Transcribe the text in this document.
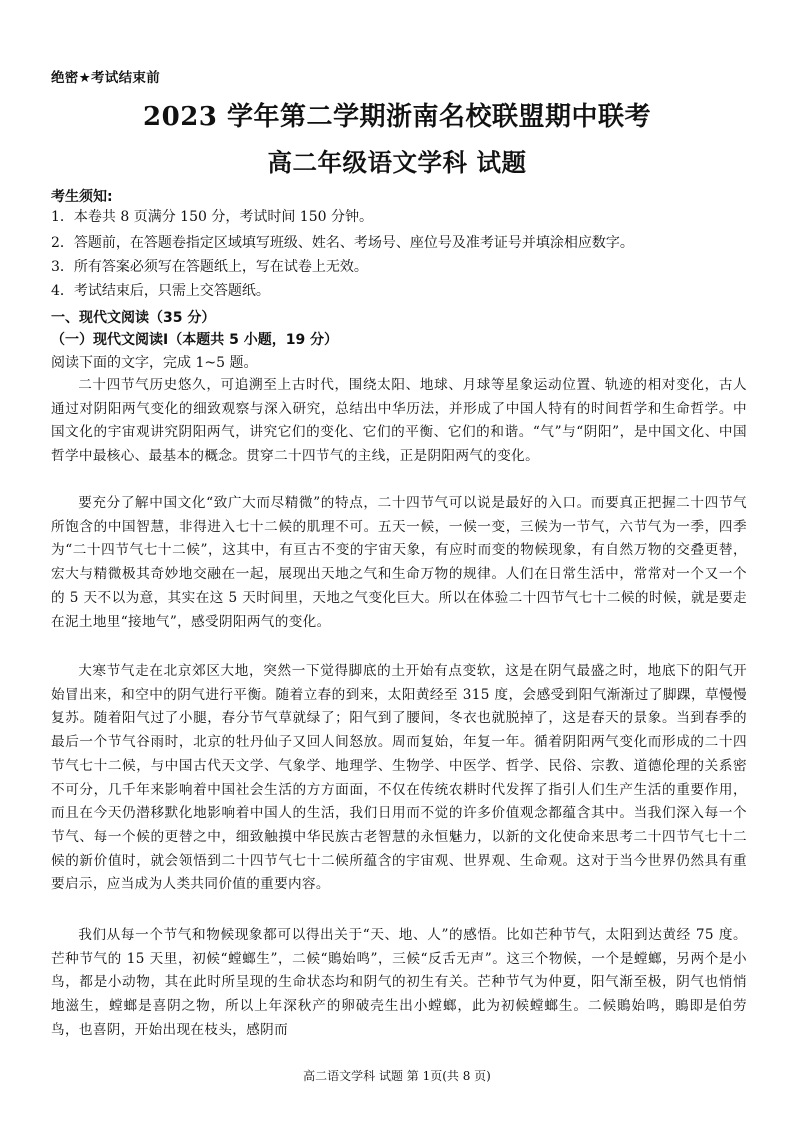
绝密★考试结束前
2023 学年第二学期浙南名校联盟期中联考
高二年级语文学科 试题
考生须知:
1．本卷共 8 页满分 150 分，考试时间 150 分钟。
2．答题前，在答题卷指定区域填写班级、姓名、考场号、座位号及准考证号并填涂相应数字。
3．所有答案必须写在答题纸上，写在试卷上无效。
4．考试结束后，只需上交答题纸。
一、现代文阅读（35 分）
（一）现代文阅读Ⅰ（本题共 5 小题，19 分）
阅读下面的文字，完成 1~5 题。

二十四节气历史悠久，可追溯至上古时代，围绕太阳、地球、月球等星象运动位置、轨迹的相对变化，古人通过对阴阳两气变化的细致观察与深入研究，总结出中华历法，并形成了中国人特有的时间哲学和生命哲学。中国文化的宇宙观讲究阴阳两气，讲究它们的变化、它们的平衡、它们的和谐。“气”与“阴阳”，是中国文化、中国哲学中最核心、最基本的概念。贯穿二十四节气的主线，正是阴阳两气的变化。

要充分了解中国文化“致广大而尽精微”的特点，二十四节气可以说是最好的入口。而要真正把握二十四节气所饱含的中国智慧，非得进入七十二候的肌理不可。五天一候，一候一变，三候为一节气，六节气为一季，四季为“二十四节气七十二候”，这其中，有亘古不变的宇宙天象，有应时而变的物候现象，有自然万物的交叠更替，宏大与精微极其奇妙地交融在一起，展现出天地之气和生命万物的规律。人们在日常生活中，常常对一个又一个的 5 天不以为意，其实在这 5 天时间里，天地之气变化巨大。所以在体验二十四节气七十二候的时候，就是要走在泥土地里“接地气”，感受阴阳两气的变化。

大寒节气走在北京郊区大地，突然一下觉得脚底的土开始有点变软，这是在阴气最盛之时，地底下的阳气开始冒出来，和空中的阴气进行平衡。随着立春的到来，太阳黄经至 315 度，会感受到阳气渐渐过了脚踝，草慢慢复苏。随着阳气过了小腿，春分节气草就绿了；阳气到了腰间，冬衣也就脱掉了，这是春天的景象。当到春季的最后一个节气谷雨时，北京的牡丹仙子又回人间怒放。周而复始，年复一年。循着阴阳两气变化而形成的二十四节气七十二候，与中国古代天文学、气象学、地理学、生物学、中医学、哲学、民俗、宗教、道德伦理的关系密不可分，几千年来影响着中国社会生活的方方面面，不仅在传统农耕时代发挥了指引人们生产生活的重要作用，而且在今天仍潜移默化地影响着中国人的生活，我们日用而不觉的许多价值观念都蕴含其中。当我们深入每一个节气、每一个候的更替之中，细致触摸中华民族古老智慧的永恒魅力，以新的文化使命来思考二十四节气七十二候的新价值时，就会领悟到二十四节气七十二候所蕴含的宇宙观、世界观、生命观。这对于当今世界仍然具有重要启示，应当成为人类共同价值的重要内容。

我们从每一个节气和物候现象都可以得出关于“天、地、人”的感悟。比如芒种节气，太阳到达黄经 75 度。芒种节气的 15 天里，初候“螳螂生”，二候“鵙始鸣”，三候“反舌无声”。这三个物候，一个是螳螂，另两个是小鸟，都是小动物，其在此时所呈现的生命状态均和阴气的初生有关。芒种节气为仲夏，阳气渐至极，阴气也悄悄地滋生，螳螂是喜阴之物，所以上年深秋产的卵破壳生出小螳螂，此为初候螳螂生。二候鵙始鸣，鵙即是伯劳鸟，也喜阴，开始出现在枝头，感阴而

高二语文学科 试题 第 1页(共 8 页)
